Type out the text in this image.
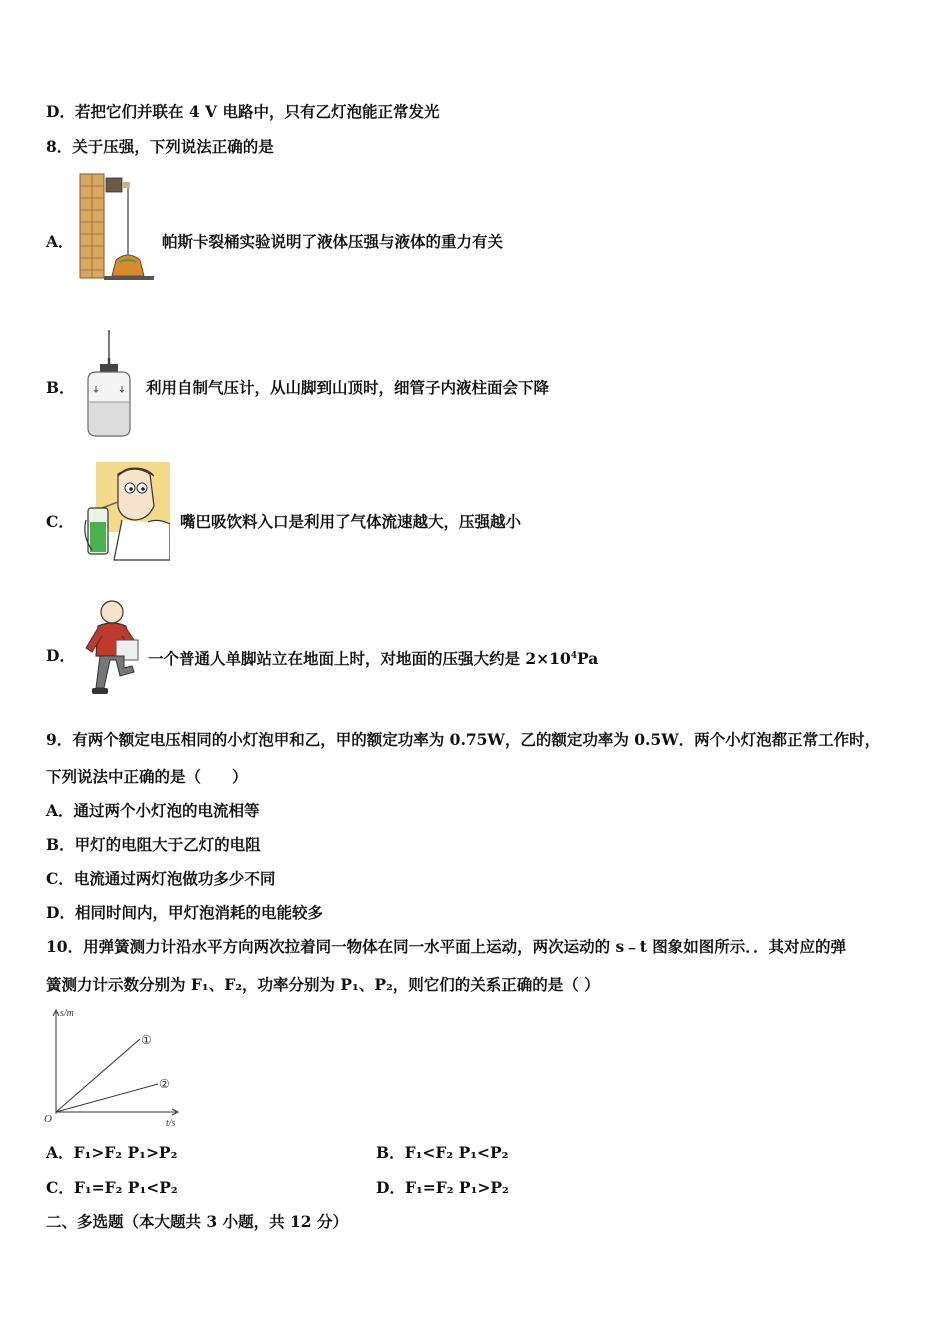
D．若把它们并联在 4 V 电路中，只有乙灯泡能正常发光
8．关于压强，下列说法正确的是
A．	帕斯卡裂桶实验说明了液体压强与液体的重力有关
B．	利用自制气压计，从山脚到山顶时，细管子内液柱面会下降
C．	嘴巴吸饮料入口是利用了气体流速越大，压强越小
D．	一个普通人单脚站立在地面上时，对地面的压强大约是 $2\times 10^4Pa$
9．有两个额定电压相同的小灯泡甲和乙，甲的额定功率为 0.75W，乙的额定功率为 0.5W．两个小灯泡都正常工作时，
下列说法中正确的是（　　）
A．通过两个小灯泡的电流相等
B．甲灯的电阻大于乙灯的电阻
C．电流通过两灯泡做功多少不同
D．相同时间内，甲灯泡消耗的电能较多
10．用弹簧测力计沿水平方向两次拉着同一物体在同一水平面上运动，两次运动的 s﹣t 图象如图所示．．其对应的弹
簧测力计示数分别为 F₁、F₂，功率分别为 P₁、P₂，则它们的关系正确的是（ ）
s/m
t/s
O
①
②
A．F₁>F₂ P₁>P₂	B．F₁<F₂ P₁<P₂
C．F₁=F₂ P₁<P₂	D．F₁=F₂ P₁>P₂
二、多选题（本大题共 3 小题，共 12 分）
